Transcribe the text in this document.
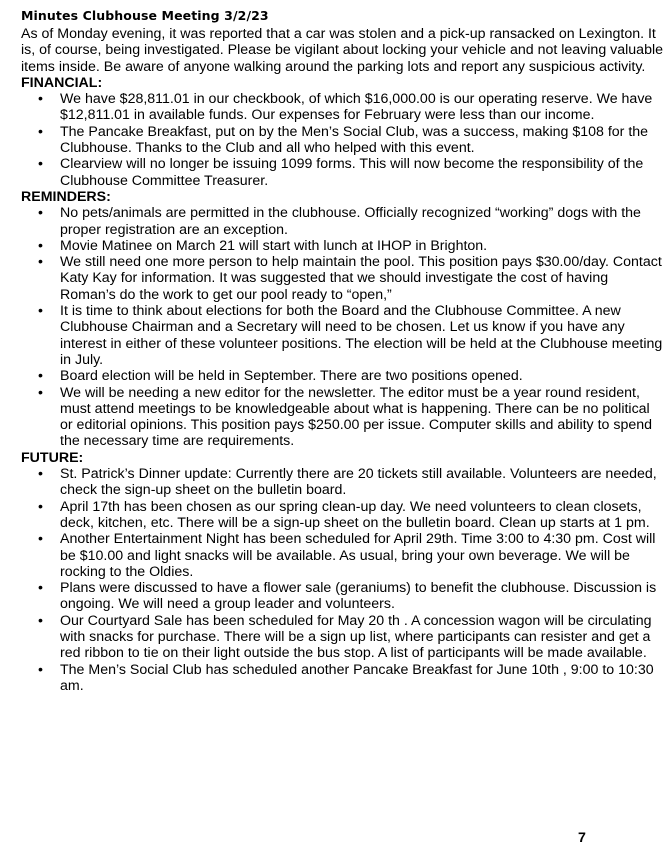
Minutes Clubhouse Meeting 3/2/23

As of Monday evening, it was reported that a car was stolen and a pick-up ransacked on Lexington. It is, of course, being investigated. Please be vigilant about locking your vehicle and not leaving valuable items inside. Be aware of anyone walking around the parking lots and report any suspicious activity.

FINANCIAL:
• We have $28,811.01 in our checkbook, of which $16,000.00 is our operating reserve. We have $12,811.01 in available funds. Our expenses for February were less than our income.
• The Pancake Breakfast, put on by the Men’s Social Club, was a success, making $108 for the Clubhouse. Thanks to the Club and all who helped with this event.
• Clearview will no longer be issuing 1099 forms. This will now become the responsibility of the Clubhouse Committee Treasurer.
REMINDERS:
• No pets/animals are permitted in the clubhouse. Officially recognized “working” dogs with the proper registration are an exception.
• Movie Matinee on March 21 will start with lunch at IHOP in Brighton.
• We still need one more person to help maintain the pool. This position pays $30.00/day. Contact Katy Kay for information. It was suggested that we should investigate the cost of having Roman’s do the work to get our pool ready to “open,”
• It is time to think about elections for both the Board and the Clubhouse Committee. A new Clubhouse Chairman and a Secretary will need to be chosen. Let us know if you have any interest in either of these volunteer positions. The election will be held at the Clubhouse meeting in July.
• Board election will be held in September. There are two positions opened.
• We will be needing a new editor for the newsletter. The editor must be a year round resident, must attend meetings to be knowledgeable about what is happening. There can be no political or editorial opinions. This position pays $250.00 per issue. Computer skills and ability to spend the necessary time are requirements.
FUTURE:
• St. Patrick’s Dinner update: Currently there are 20 tickets still available. Volunteers are needed, check the sign-up sheet on the bulletin board.
• April 17th has been chosen as our spring clean-up day. We need volunteers to clean closets, deck, kitchen, etc. There will be a sign-up sheet on the bulletin board. Clean up starts at 1 pm.
• Another Entertainment Night has been scheduled for April 29th. Time 3:00 to 4:30 pm. Cost will be $10.00 and light snacks will be available. As usual, bring your own beverage. We will be rocking to the Oldies.
• Plans were discussed to have a flower sale (geraniums) to benefit the clubhouse. Discussion is ongoing. We will need a group leader and volunteers.
• Our Courtyard Sale has been scheduled for May 20 th . A concession wagon will be circulating with snacks for purchase. There will be a sign up list, where participants can resister and get a red ribbon to tie on their light outside the bus stop. A list of participants will be made available.
• The Men’s Social Club has scheduled another Pancake Breakfast for June 10th , 9:00 to 10:30 am.
7
